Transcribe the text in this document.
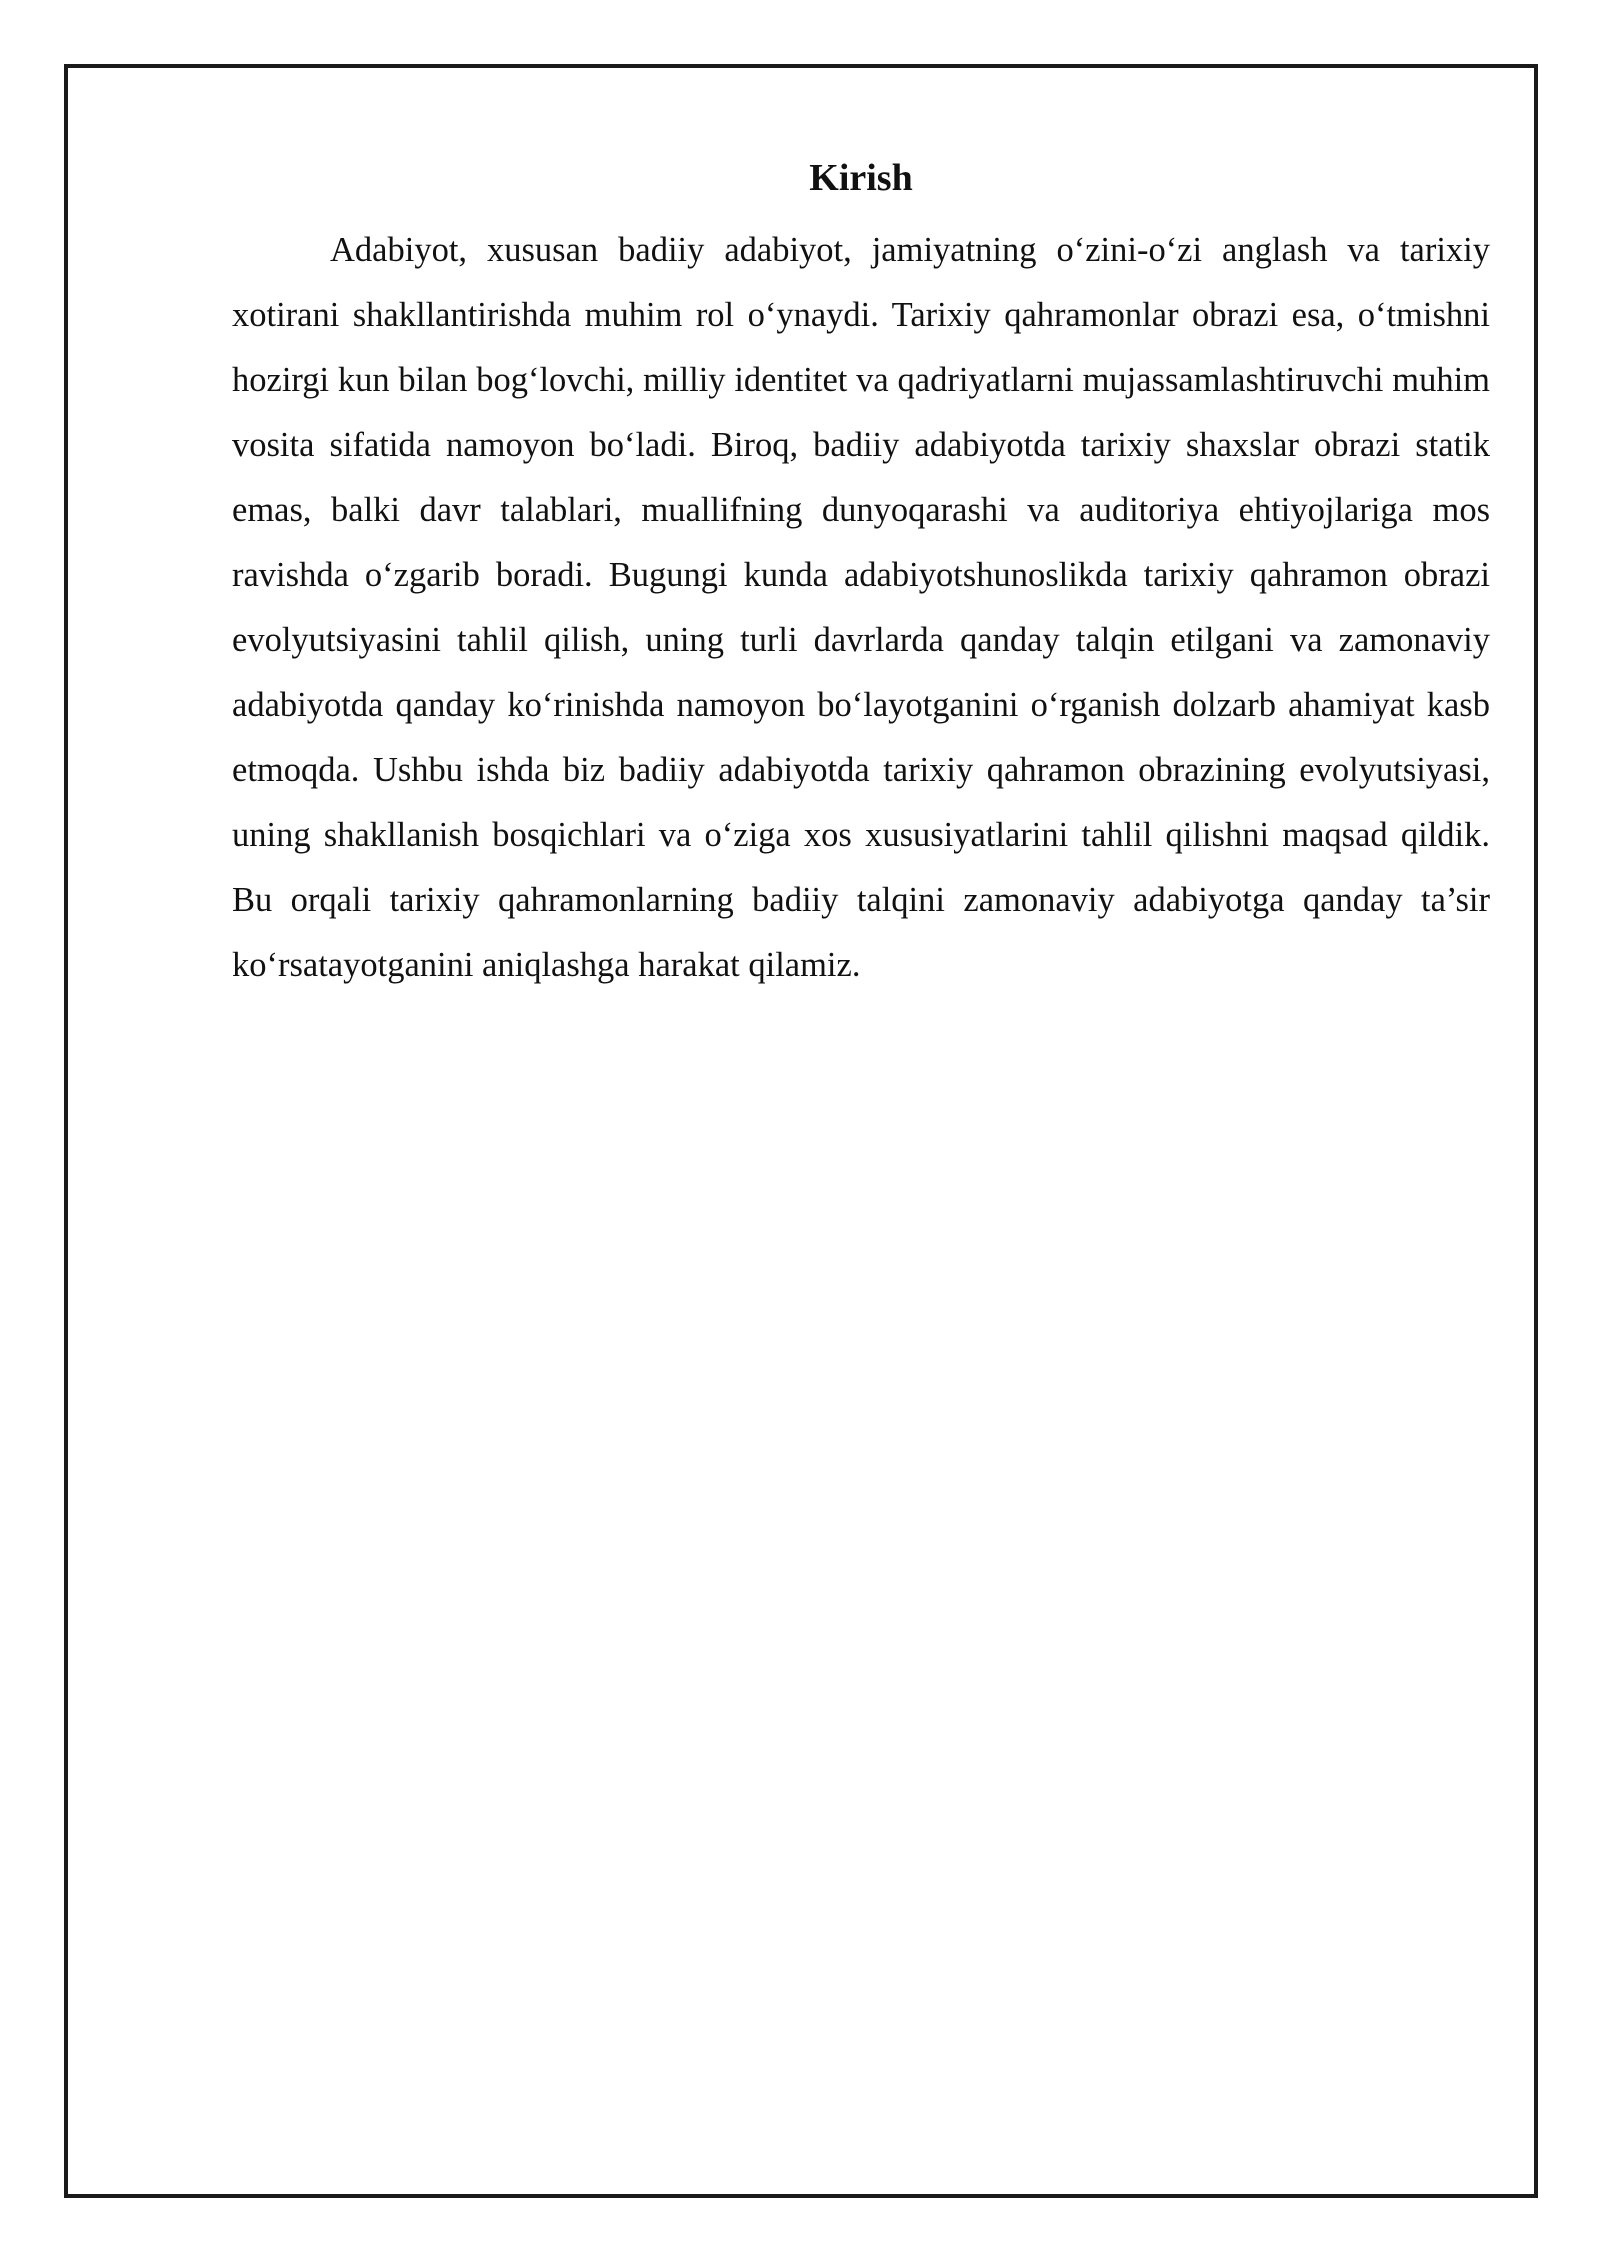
Kirish

Adabiyot, xususan badiiy adabiyot, jamiyatning o‘zini-o‘zi anglash va tarixiy xotirani shakllantirishda muhim rol o‘ynaydi. Tarixiy qahramonlar obrazi esa, o‘tmishni hozirgi kun bilan bog‘lovchi, milliy identitet va qadriyatlarni mujassamlashtiruvchi muhim vosita sifatida namoyon bo‘ladi. Biroq, badiiy adabiyotda tarixiy shaxslar obrazi statik emas, balki davr talablari, muallifning dunyoqarashi va auditoriya ehtiyojlariga mos ravishda o‘zgarib boradi. Bugungi kunda adabiyotshunoslikda tarixiy qahramon obrazi evolyutsiyasini tahlil qilish, uning turli davrlarda qanday talqin etilgani va zamonaviy adabiyotda qanday ko‘rinishda namoyon bo‘layotganini o‘rganish dolzarb ahamiyat kasb etmoqda. Ushbu ishda biz badiiy adabiyotda tarixiy qahramon obrazining evolyutsiyasi, uning shakllanish bosqichlari va o‘ziga xos xususiyatlarini tahlil qilishni maqsad qildik. Bu orqali tarixiy qahramonlarning badiiy talqini zamonaviy adabiyotga qanday ta’sir ko‘rsatayotganini aniqlashga harakat qilamiz.
